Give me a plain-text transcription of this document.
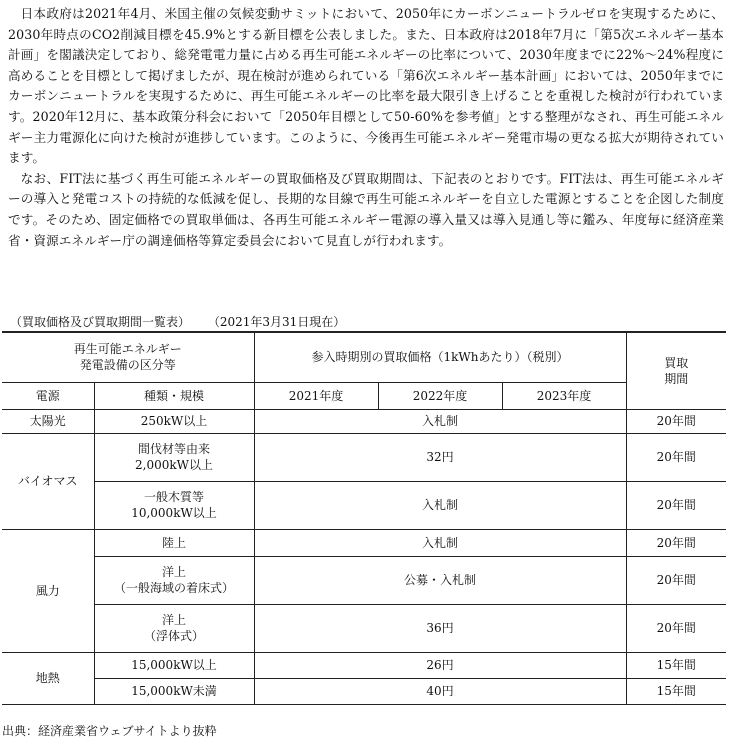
日本政府は2021年4月、米国主催の気候変動サミットにおいて、2050年にカーボンニュートラルゼロを実現するために、2030年時点のCO2削減目標を45.9%とする新目標を公表しました。また、日本政府は2018年7月に「第5次エネルギー基本計画」を閣議決定しており、総発電電力量に占める再生可能エネルギーの比率について、2030年度までに22%～24%程度に高めることを目標として掲げましたが、現在検討が進められている「第6次エネルギー基本計画」においては、2050年までにカーボンニュートラルを実現するために、再生可能エネルギーの比率を最大限引き上げることを重視した検討が行われています。2020年12月に、基本政策分科会において「2050年目標として50-60%を参考値」とする整理がなされ、再生可能エネルギー主力電源化に向けた検討が進捗しています。このように、今後再生可能エネルギー発電市場の更なる拡大が期待されています。

なお、FIT法に基づく再生可能エネルギーの買取価格及び買取期間は、下記表のとおりです。FIT法は、再生可能エネルギーの導入と発電コストの持続的な低減を促し、長期的な目線で再生可能エネルギーを自立した電源とすることを企図した制度です。そのため、固定価格での買取単価は、各再生可能エネルギー電源の導入量又は導入見通し等に鑑み、年度毎に経済産業省・資源エネルギー庁の調達価格等算定委員会において見直しが行われます。

（買取価格及び買取期間一覧表） （2021年3月31日現在）
再生可能エネルギー
発電設備の区分等		参入時期別の買取価格（1kWhあたり）（税別）			買取
期間
電源	種類・規模	2021年度	2022年度	2023年度	
太陽光	250kW以上	入札制			20年間
バイオマス	間伐材等由来
2,000kW以上	32円			20年間
	一般木質等
10,000kW以上	入札制			20年間
風力	陸上	入札制			20年間
	洋上
（一般海域の着床式）	公募・入札制			20年間
	洋上
（浮体式）	36円			20年間
地熱	15,000kW以上	26円			15年間
	15,000kW未満	40円			15年間
出典：経済産業省ウェブサイトより抜粋
